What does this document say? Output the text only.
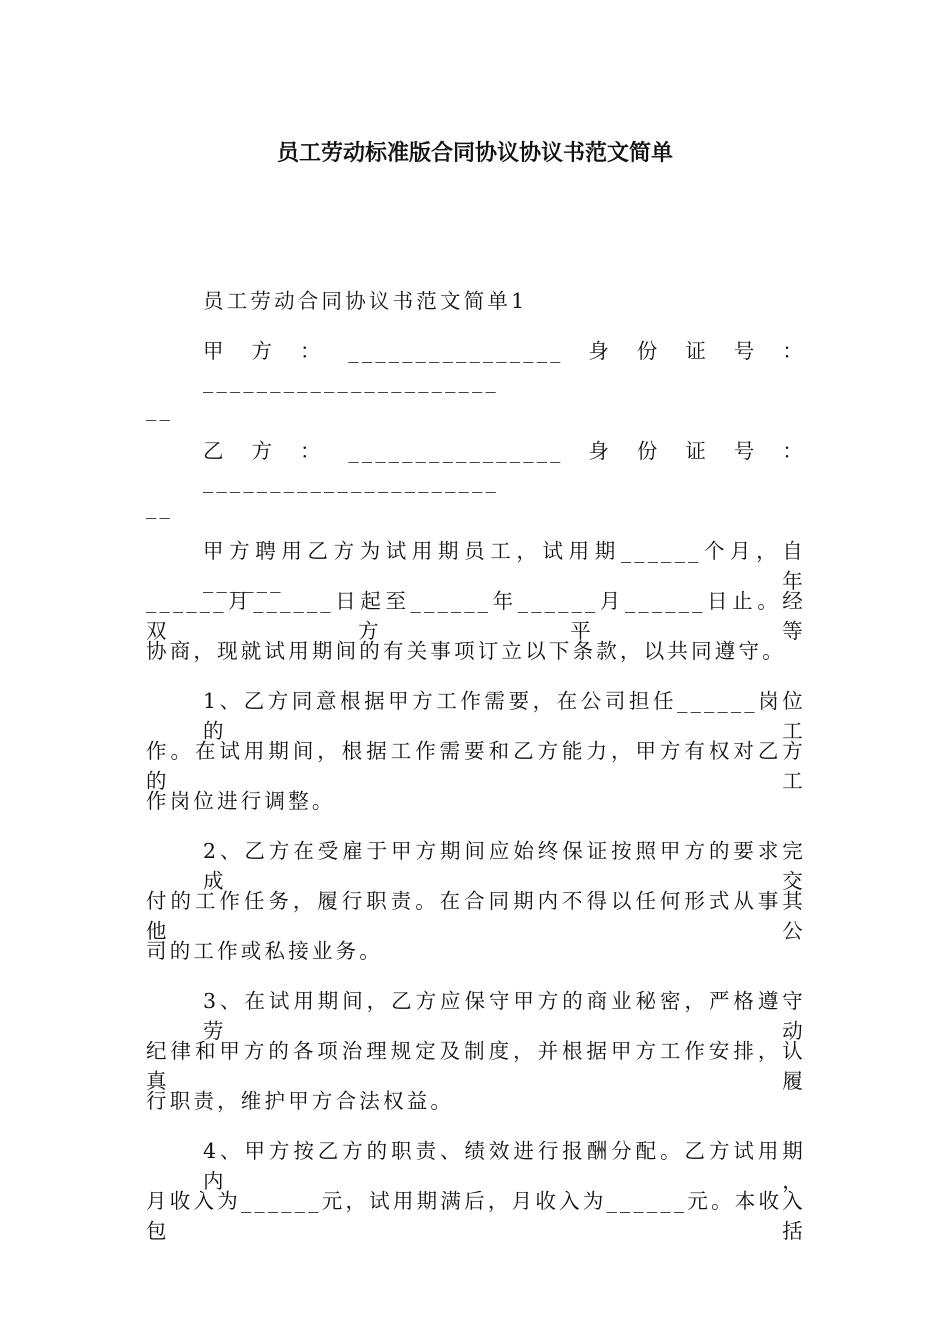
员工劳动标准版合同协议协议书范文简单
员工劳动合同协议书范文简单1
甲方：________________身份证号：______________________
__
乙方：________________身份证号：______________________
__
甲方聘用乙方为试用期员工，试用期______个月，自______年
______月______日起至______年______月______日止。经双方平等
协商，现就试用期间的有关事项订立以下条款，以共同遵守。
1、乙方同意根据甲方工作需要，在公司担任______岗位的工
作。在试用期间，根据工作需要和乙方能力，甲方有权对乙方的工
作岗位进行调整。
2、乙方在受雇于甲方期间应始终保证按照甲方的要求完成交
付的工作任务，履行职责。在合同期内不得以任何形式从事其他公
司的工作或私接业务。
3、在试用期间，乙方应保守甲方的商业秘密，严格遵守劳动
纪律和甲方的各项治理规定及制度，并根据甲方工作安排，认真履
行职责，维护甲方合法权益。
4、甲方按乙方的职责、绩效进行报酬分配。乙方试用期内，
月收入为______元，试用期满后，月收入为______元。本收入包括
